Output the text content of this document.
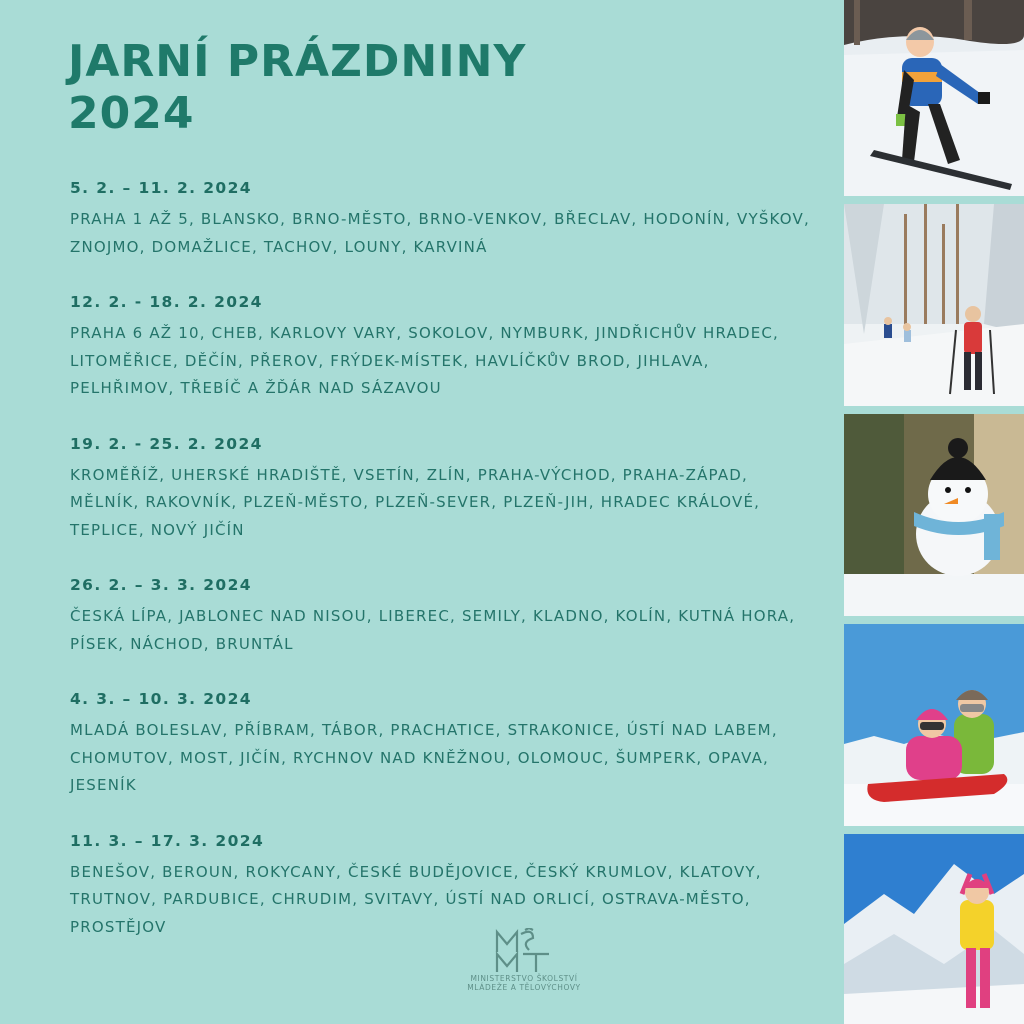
JARNÍ PRÁZDNINY
2024
5. 2. – 11. 2. 2024
PRAHA 1 AŽ 5, BLANSKO, BRNO-MĚSTO, BRNO-VENKOV, BŘECLAV, HODONÍN, VYŠKOV, ZNOJMO, DOMAŽLICE, TACHOV, LOUNY, KARVINÁ
12. 2. - 18. 2. 2024
PRAHA 6 AŽ 10, CHEB, KARLOVY VARY, SOKOLOV, NYMBURK, JINDŘICHŮV HRADEC, LITOMĚŘICE, DĚČÍN, PŘEROV, FRÝDEK-MÍSTEK, HAVLÍČKŮV BROD, JIHLAVA, PELHŘIMOV, TŘEBÍČ A ŽĎÁR NAD SÁZAVOU
19. 2. - 25. 2. 2024
KROMĚŘÍŽ, UHERSKÉ HRADIŠTĚ, VSETÍN, ZLÍN, PRAHA-VÝCHOD, PRAHA-ZÁPAD, MĚLNÍK, RAKOVNÍK, PLZEŇ-MĚSTO, PLZEŇ-SEVER, PLZEŇ-JIH, HRADEC KRÁLOVÉ, TEPLICE, NOVÝ JIČÍN
26. 2. – 3. 3. 2024
ČESKÁ LÍPA, JABLONEC NAD NISOU, LIBEREC, SEMILY, KLADNO, KOLÍN, KUTNÁ HORA, PÍSEK, NÁCHOD, BRUNTÁL
4. 3. – 10. 3. 2024
MLADÁ BOLESLAV, PŘÍBRAM, TÁBOR, PRACHATICE, STRAKONICE, ÚSTÍ NAD LABEM, CHOMUTOV, MOST, JIČÍN, RYCHNOV NAD KNĚŽNOU, OLOMOUC, ŠUMPERK, OPAVA, JESENÍK
11. 3. – 17. 3. 2024
BENEŠOV, BEROUN, ROKYCANY, ČESKÉ BUDĚJOVICE, ČESKÝ KRUMLOV, KLATOVY, TRUTNOV, PARDUBICE, CHRUDIM, SVITAVY, ÚSTÍ NAD ORLICÍ, OSTRAVA-MĚSTO, PROSTĚJOV
MINISTERSTVO ŠKOLSTVÍ
MLÁDEŽE A TĚLOVÝCHOVY
